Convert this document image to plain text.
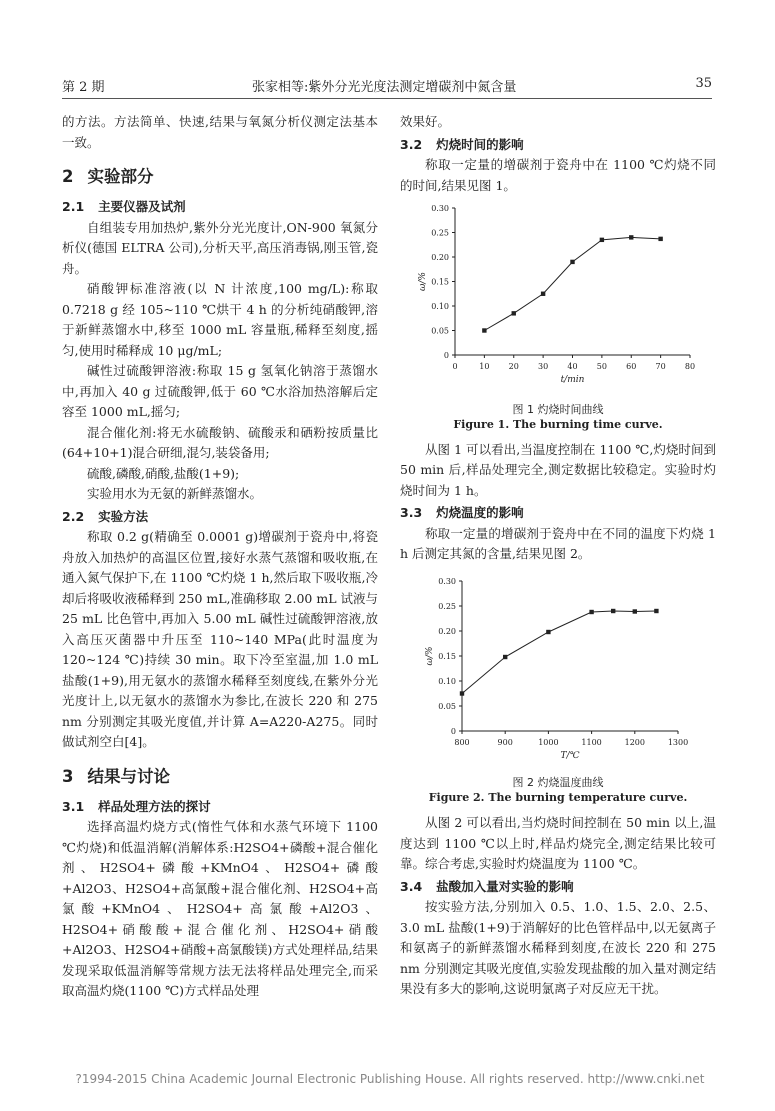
第 2 期	张家相等:紫外分光光度法测定增碳剂中氮含量	35

的方法。方法简单、快速,结果与氧氮分析仪测定法基本一致。

2 实验部分
2.1 主要仪器及试剂

自组装专用加热炉,紫外分光光度计,ON-900 氧氮分析仪(德国 ELTRA 公司),分析天平,高压消毒锅,刚玉管,瓷舟。

硝酸钾标准溶液(以 N 计浓度,100 mg/L):称取 0.7218 g 经 105~110 ℃烘干 4 h 的分析纯硝酸钾,溶于新鲜蒸馏水中,移至 1000 mL 容量瓶,稀释至刻度,摇匀,使用时稀释成 10 μg/mL;

碱性过硫酸钾溶液:称取 15 g 氢氧化钠溶于蒸馏水中,再加入 40 g 过硫酸钾,低于 60 ℃水浴加热溶解后定容至 1000 mL,摇匀;

混合催化剂:将无水硫酸钠、硫酸汞和硒粉按质量比(64+10+1)混合研细,混匀,装袋备用;

硫酸,磷酸,硝酸,盐酸(1+9);

实验用水为无氨的新鲜蒸馏水。

2.2 实验方法

称取 0.2 g(精确至 0.0001 g)增碳剂于瓷舟中,将瓷舟放入加热炉的高温区位置,接好水蒸气蒸馏和吸收瓶,在通入氮气保护下,在 1100 ℃灼烧 1 h,然后取下吸收瓶,冷却后将吸收液稀释到 250 mL,准确移取 2.00 mL 试液与 25 mL 比色管中,再加入 5.00 mL 碱性过硫酸钾溶液,放入高压灭菌器中升压至 110~140 MPa(此时温度为 120~124 ℃)持续 30 min。取下冷至室温,加 1.0 mL 盐酸(1+9),用无氨水的蒸馏水稀释至刻度线,在紫外分光光度计上,以无氨水的蒸馏水为参比,在波长 220 和 275 nm 分别测定其吸光度值,并计算 A=A220-A275。同时做试剂空白[4]。

3 结果与讨论
3.1 样品处理方法的探讨

选择高温灼烧方式(惰性气体和水蒸气环境下 1100 ℃灼烧)和低温消解(消解体系:H2SO4+磷酸+混合催化剂、H2SO4+磷酸+KMnO4、H2SO4+磷酸+Al2O3、H2SO4+高氯酸+混合催化剂、H2SO4+高氯酸+KMnO4、H2SO4+高氯酸+Al2O3、H2SO4+硝酸酸+混合催化剂、H2SO4+硝酸+Al2O3、H2SO4+硝酸+高氯酸镁)方式处理样品,结果发现采取低温消解等常规方法无法将样品处理完全,而采取高温灼烧(1100 ℃)方式样品处理

效果好。

3.2 灼烧时间的影响

称取一定量的增碳剂于瓷舟中在 1100 ℃灼烧不同的时间,结果见图 1。

0	10 20 30 40 50 60 70 80
0
0.05
0.10
0.15
0.20
0.25
0.30
t/min
ω/%
图 1 灼烧时间曲线
Figure 1. The burning time curve.

从图 1 可以看出,当温度控制在 1100 ℃,灼烧时间到 50 min 后,样品处理完全,测定数据比较稳定。实验时灼烧时间为 1 h。

3.3 灼烧温度的影响

称取一定量的增碳剂于瓷舟中在不同的温度下灼烧 1 h 后测定其氮的含量,结果见图 2。

800	900	1000	1100	1200	1300
0
0.05
0.10
0.15
0.20
0.25
0.30
T/℃
ω/%
图 2 灼烧温度曲线
Figure 2. The burning temperature curve.

从图 2 可以看出,当灼烧时间控制在 50 min 以上,温度达到 1100 ℃以上时,样品灼烧完全,测定结果比较可靠。综合考虑,实验时灼烧温度为 1100 ℃。

3.4 盐酸加入量对实验的影响

按实验方法,分别加入 0.5、1.0、1.5、2.0、2.5、3.0 mL 盐酸(1+9)于消解好的比色管样品中,以无氨离子和氨离子的新鲜蒸馏水稀释到刻度,在波长 220 和 275 nm 分别测定其吸光度值,实验发现盐酸的加入量对测定结果没有多大的影响,这说明氯离子对反应无干扰。

?1994-2015 China Academic Journal Electronic Publishing House. All rights reserved. http://www.cnki.net
